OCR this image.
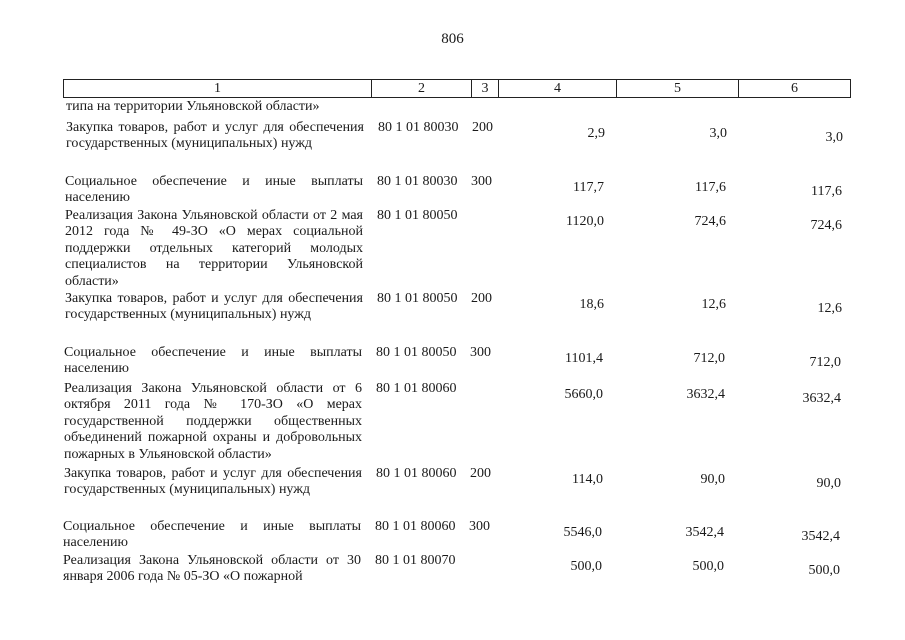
806
1	2	3	4	5	6
типа на территории Ульяновской области»
Закупка товаров, работ и услуг для обеспечения государственных (муниципальных) нужд
80 1 01 80030 200	2,9	3,0	3,0
Социальное обеспечение и иные выплаты населению
80 1 01 80030 300	117,7	117,6	117,6
Реализация Закона Ульяновской области от 2 мая 2012 года № 49-ЗО «О мерах социальной поддержки отдельных категорий молодых специалистов на территории Ульяновской области»
80 1 01 80050	1120,0	724,6	724,6
Закупка товаров, работ и услуг для обеспечения государственных (муниципальных) нужд
80 1 01 80050 200	18,6	12,6	12,6
Социальное обеспечение и иные выплаты населению
80 1 01 80050 300	1101,4	712,0	712,0
Реализация Закона Ульяновской области от 6 октября 2011 года № 170-ЗО «О мерах государственной поддержки общественных объединений пожарной охраны и добровольных пожарных в Ульяновской области»
80 1 01 80060	5660,0	3632,4	3632,4
Закупка товаров, работ и услуг для обеспечения государственных (муниципальных) нужд
80 1 01 80060 200	114,0	90,0	90,0
Социальное обеспечение и иные выплаты населению
80 1 01 80060 300	5546,0	3542,4	3542,4
Реализация Закона Ульяновской области от 30 января 2006 года № 05-ЗО «О пожарной
80 1 01 80070	500,0	500,0	500,0
